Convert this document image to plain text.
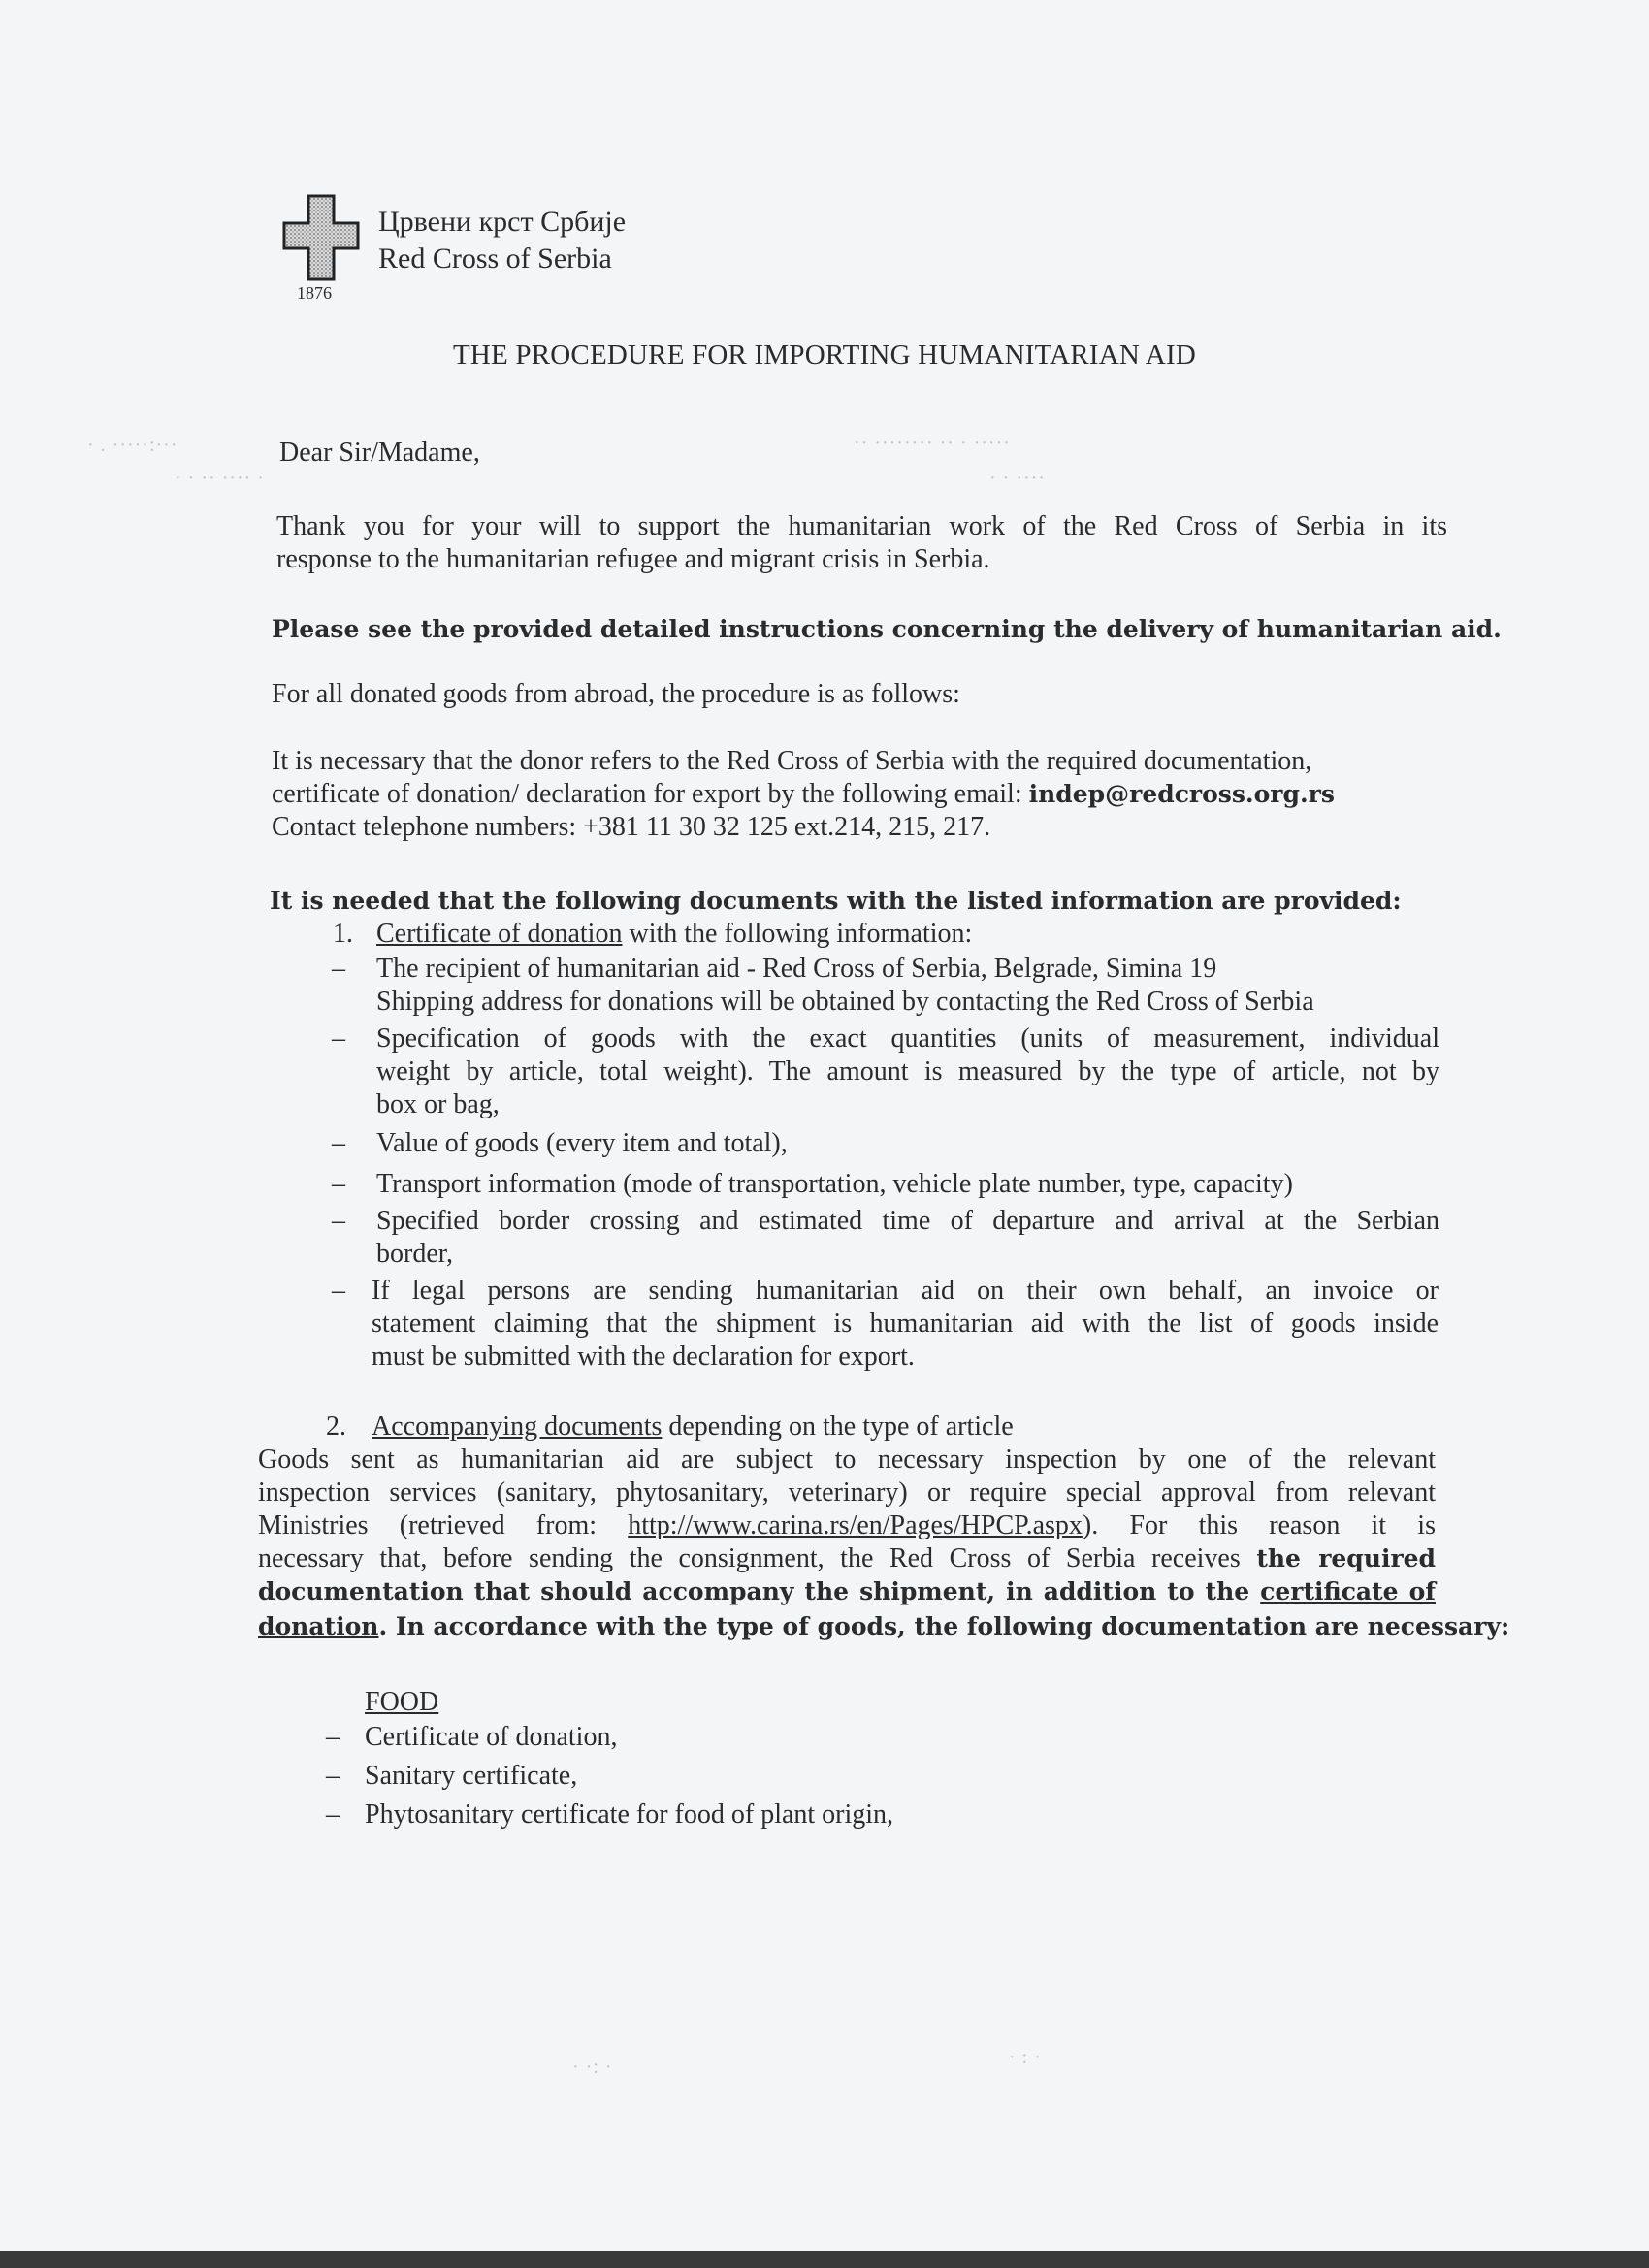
Црвени крст Србије
Red Cross of Serbia
1876
THE PROCEDURE FOR IMPORTING HUMANITARIAN AID
· . ·····:···	·· ········ ·· · ·····
· · ·· ···· ·	· · ····
Dear Sir/Madame,
Thank you for your will to support the humanitarian work of the Red Cross of Serbia in its
response to the humanitarian refugee and migrant crisis in Serbia.
Please see the provided detailed instructions concerning the delivery of humanitarian aid.
For all donated goods from abroad, the procedure is as follows:
It is necessary that the donor refers to the Red Cross of Serbia with the required documentation,
certificate of donation/ declaration for export by the following email: indep@redcross.org.rs
Contact telephone numbers: +381 11 30 32 125 ext.214, 215, 217.
It is needed that the following documents with the listed information are provided:
1. Certificate of donation with the following information:
– The recipient of humanitarian aid - Red Cross of Serbia, Belgrade, Simina 19
Shipping address for donations will be obtained by contacting the Red Cross of Serbia
– Specification of goods with the exact quantities (units of measurement, individual
weight by article, total weight). The amount is measured by the type of article, not by
box or bag,
– Value of goods (every item and total),
– Transport information (mode of transportation, vehicle plate number, type, capacity)
– Specified border crossing and estimated time of departure and arrival at the Serbian
border,
– If legal persons are sending humanitarian aid on their own behalf, an invoice or
statement claiming that the shipment is humanitarian aid with the list of goods inside
must be submitted with the declaration for export.
2. Accompanying documents depending on the type of article
Goods sent as humanitarian aid are subject to necessary inspection by one of the relevant
inspection services (sanitary, phytosanitary, veterinary) or require special approval from relevant
Ministries (retrieved from: http://www.carina.rs/en/Pages/HPCP.aspx). For this reason it is
necessary that, before sending the consignment, the Red Cross of Serbia receives the required
documentation that should accompany the shipment, in addition to the certificate of
donation. In accordance with the type of goods, the following documentation are necessary:
FOOD
– Certificate of donation,
– Sanitary certificate,
– Phytosanitary certificate for food of plant origin,
· ·: ·	· : ·
